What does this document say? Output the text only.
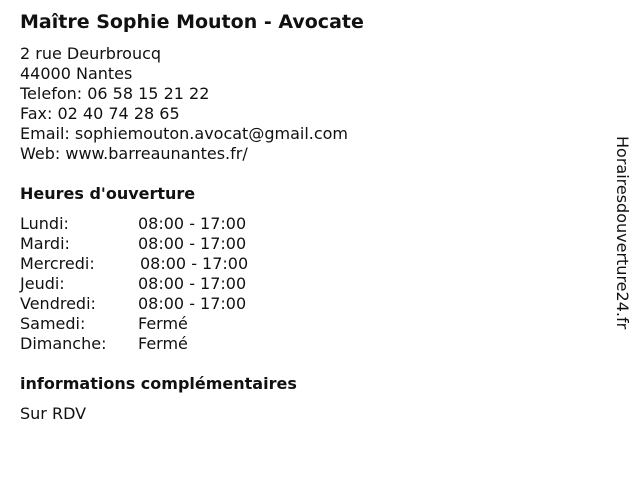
Maître Sophie Mouton - Avocate
2 rue Deurbroucq
44000 Nantes
Telefon: 06 58 15 21 22
Fax: 02 40 74 28 65
Email: sophiemouton.avocat@gmail.com
Web: www.barreaunantes.fr/
Heures d'ouverture
Lundi:	08:00 - 17:00
Mardi:	08:00 - 17:00
Mercredi:	08:00 - 17:00
Jeudi:	08:00 - 17:00
Vendredi:	08:00 - 17:00
Samedi:	Fermé
Dimanche: Fermé
informations complémentaires
Sur RDV
Horairesdouverture24.fr
